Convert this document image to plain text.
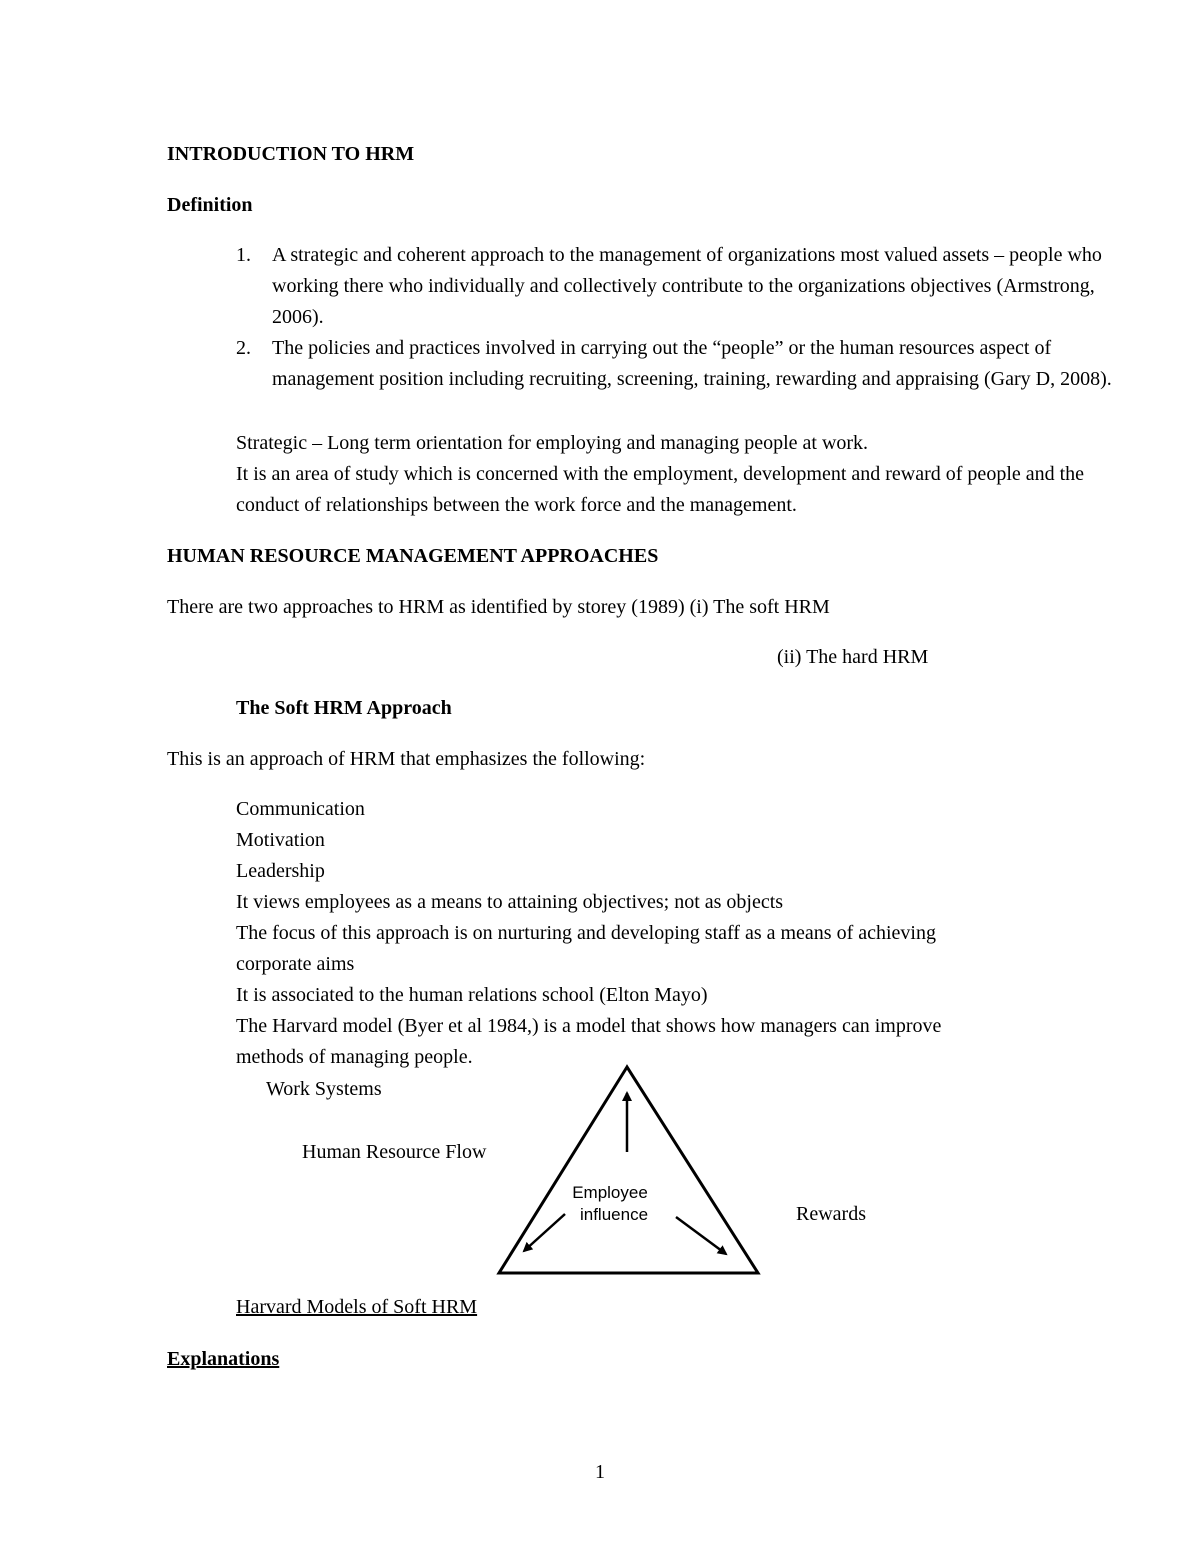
INTRODUCTION TO HRM
Definition
1. A strategic and coherent approach to the management of organizations most valued assets – people who working there who individually and collectively contribute to the organizations objectives (Armstrong, 2006).
2. The policies and practices involved in carrying out the “people” or the human resources aspect of management position including recruiting, screening, training, rewarding and appraising (Gary D, 2008).

Strategic – Long term orientation for employing and managing people at work.

It is an area of study which is concerned with the employment, development and reward of people and the conduct of relationships between the work force and the management.

HUMAN RESOURCE MANAGEMENT APPROACHES

There are two approaches to HRM as identified by storey (1989) (i) The soft HRM

(ii) The hard HRM

The Soft HRM Approach

This is an approach of HRM that emphasizes the following:

Communication
Motivation
Leadership
It views employees as a means to attaining objectives; not as objects
The focus of this approach is on nurturing and developing staff as a means of achieving
corporate aims
It is associated to the human relations school (Elton Mayo)
The Harvard model (Byer et al 1984,) is a model that shows how managers can improve
methods of managing people.

Work Systems

Human Resource Flow

Rewards

Employee
influence

Harvard Models of Soft HRM

Explanations
1
